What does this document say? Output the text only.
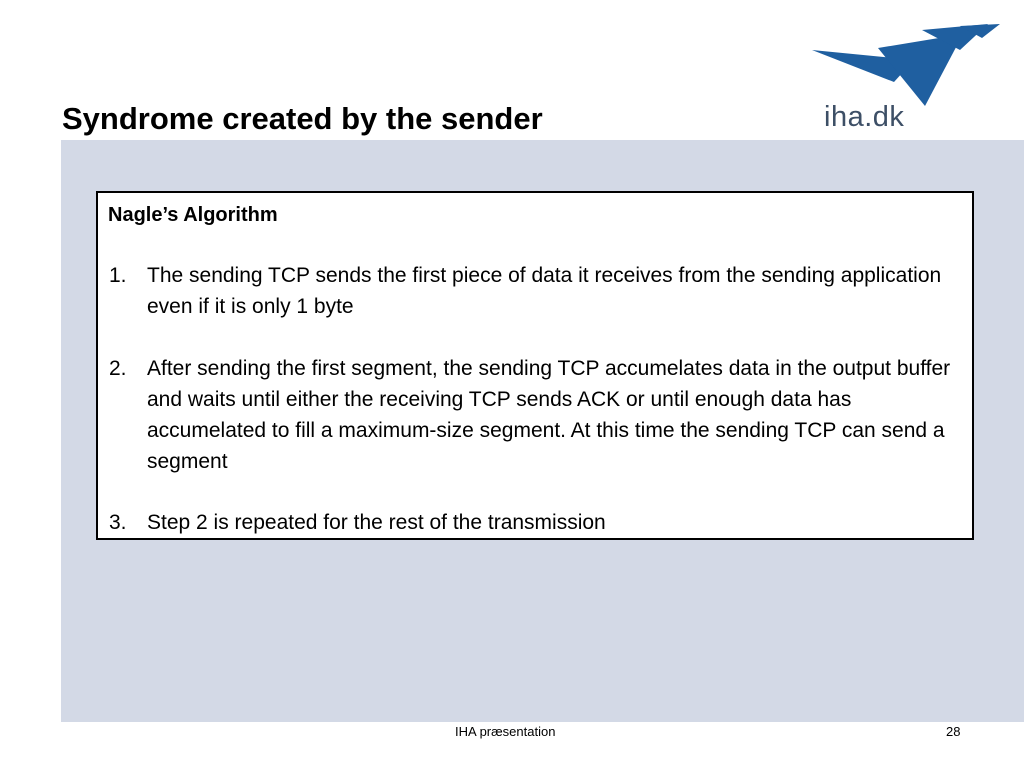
Syndrome created by the sender	iha.dk
Nagle’s Algorithm
1. The sending TCP sends the first piece of data it receives from the sending application even if it is only 1 byte
2. After sending the first segment, the sending TCP accumelates data in the output buffer and waits until either the receiving TCP sends ACK or until enough data has accumelated to fill a maximum-size segment. At this time the sending TCP can send a segment
3. Step 2 is repeated for the rest of the transmission
IHA præsentation	28
